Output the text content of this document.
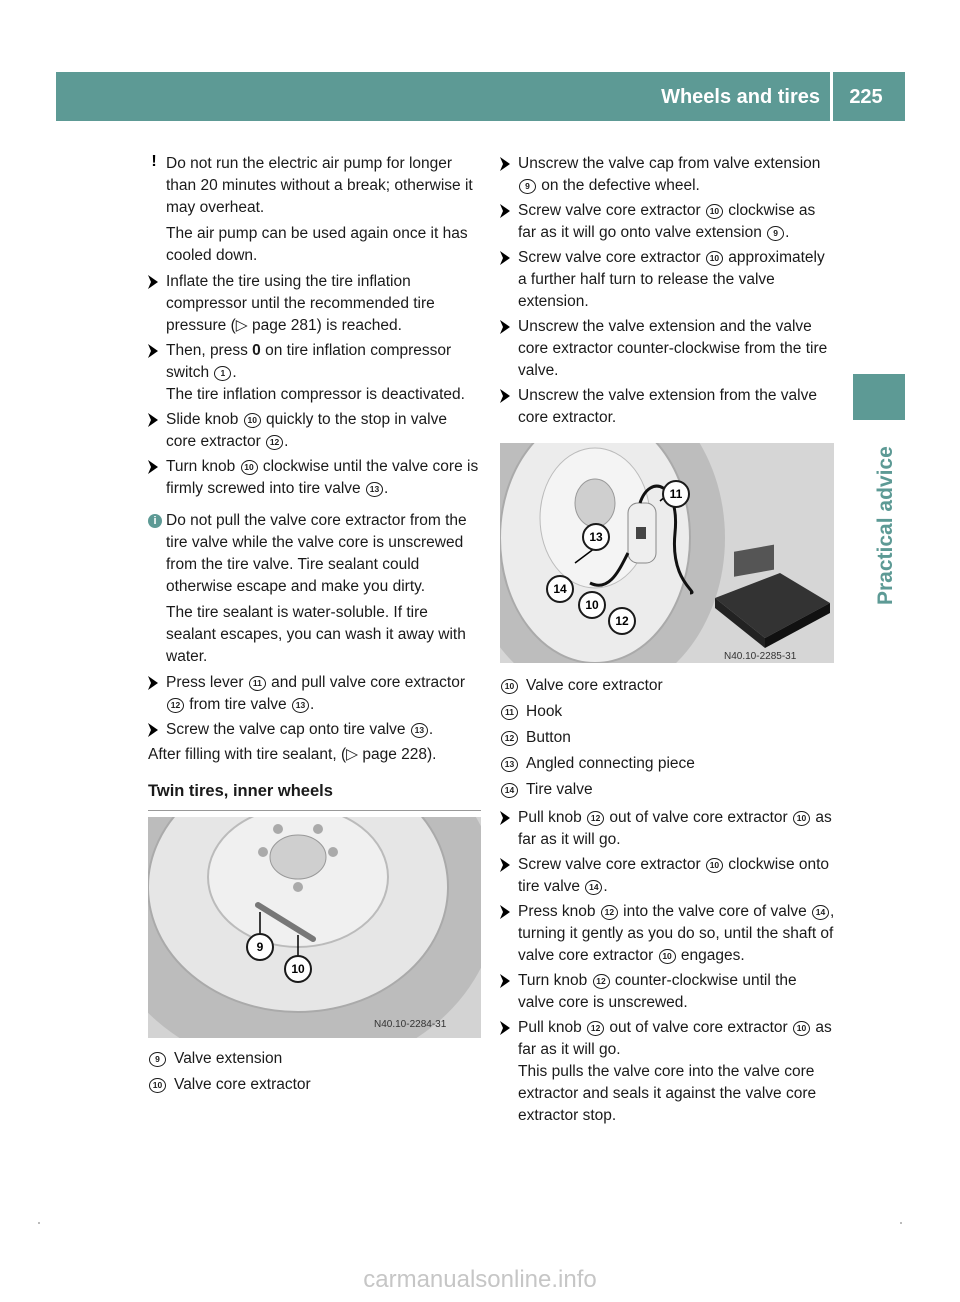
Wheels and tires	225
Practical advice
! Do not run the electric air pump for longer than 20 minutes without a break; otherwise it may overheat.
The air pump can be used again once it has cooled down.
Inflate the tire using the tire inflation compressor until the recommended tire pressure (▷ page 281) is reached.
Then, press 0 on tire inflation compressor switch 1 .
The tire inflation compressor is deactivated.
Slide knob 10 quickly to the stop in valve core extractor 12 .
Turn knob 10 clockwise until the valve core is firmly screwed into tire valve 13 .
i Do not pull the valve core extractor from the tire valve while the valve core is unscrewed from the tire valve. Tire sealant could otherwise escape and make you dirty.
The tire sealant is water-soluble. If tire sealant escapes, you can wash it away with water.
Press lever 11 and pull valve core extractor 12 from tire valve 13 .
Screw the valve cap onto tire valve 13 .
After filling with tire sealant, (▷ page 228).
Twin tires, inner wheels
N40.10-2284-31
9
10
9 Valve extension
10 Valve core extractor
Unscrew the valve cap from valve extension 9 on the defective wheel.
Screw valve core extractor 10 clockwise as far as it will go onto valve extension 9 .
Screw valve core extractor 10 approximately a further half turn to release the valve extension.
Unscrew the valve extension and the valve core extractor counter-clockwise from the tire valve.
Unscrew the valve extension from the valve core extractor.
N40.10-2285-31
11
13
14
10
12
10 Valve core extractor
11 Hook
12 Button
13 Angled connecting piece
14 Tire valve
Pull knob 12 out of valve core extractor 10 as far as it will go.
Screw valve core extractor 10 clockwise onto tire valve 14 .
Press knob 12 into the valve core of valve 14 , turning it gently as you do so, until the shaft of valve core extractor 10 engages.
Turn knob 12 counter-clockwise until the valve core is unscrewed.
Pull knob 12 out of valve core extractor 10 as far as it will go.
This pulls the valve core into the valve core extractor and seals it against the valve core extractor stop.
carmanualsonline.info
